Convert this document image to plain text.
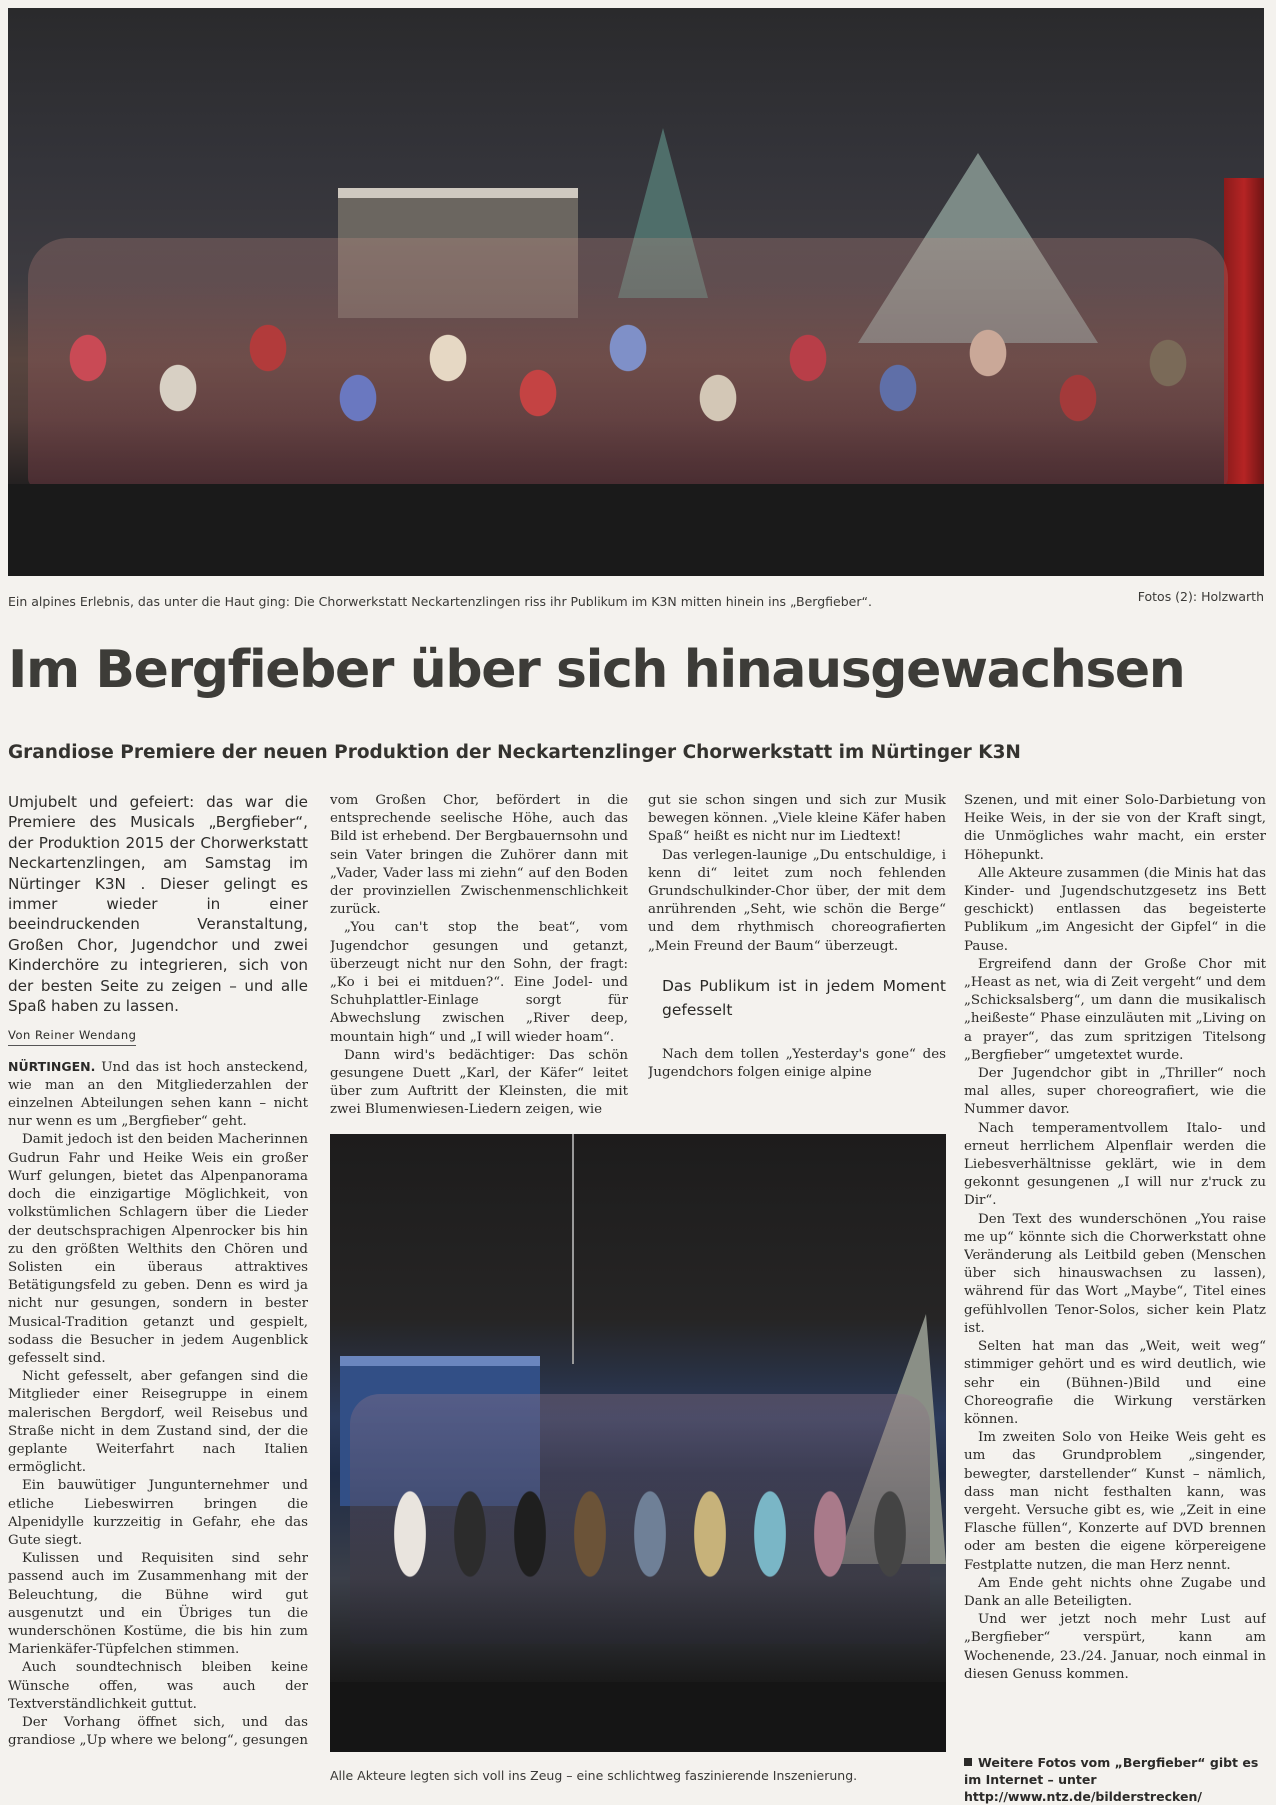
Ein alpines Erlebnis, das unter die Haut ging: Die Chorwerkstatt Neckartenzlingen riss ihr Publikum im K3N mitten hinein ins „Bergfieber“.	Fotos (2): Holzwarth
Im Bergfieber über sich hinausgewachsen
Grandiose Premiere der neuen Produktion der Neckartenzlinger Chorwerkstatt im Nürtinger K3N

Umjubelt und gefeiert: das war die Premiere des Musicals „Bergfieber“, der Produktion 2015 der Chorwerkstatt Neckartenzlingen, am Samstag im Nürtinger K3N . Dieser gelingt es immer wieder in einer beeindruckenden Veranstaltung, Großen Chor, Jugendchor und zwei Kinderchöre zu integrieren, sich von der besten Seite zu zeigen – und alle Spaß haben zu lassen.

Von Reiner Wendang

NÜRTINGEN. Und das ist hoch ansteckend, wie man an den Mitgliederzahlen der einzelnen Abteilungen sehen kann – nicht nur wenn es um „Bergfieber“ geht.

Damit jedoch ist den beiden Macherinnen Gudrun Fahr und Heike Weis ein großer Wurf gelungen, bietet das Alpenpanorama doch die einzigartige Möglichkeit, von volkstümlichen Schlagern über die Lieder der deutschsprachigen Alpenrocker bis hin zu den größten Welthits den Chören und Solisten ein überaus attraktives Betätigungsfeld zu geben. Denn es wird ja nicht nur gesungen, sondern in bester Musical-Tradition getanzt und gespielt, sodass die Besucher in jedem Augenblick gefesselt sind.

Nicht gefesselt, aber gefangen sind die Mitglieder einer Reisegruppe in einem malerischen Bergdorf, weil Reisebus und Straße nicht in dem Zustand sind, der die geplante Weiterfahrt nach Italien ermöglicht.

Ein bauwütiger Jungunternehmer und etliche Liebeswirren bringen die Alpenidylle kurzzeitig in Gefahr, ehe das Gute siegt.

Kulissen und Requisiten sind sehr passend auch im Zusammenhang mit der Beleuchtung, die Bühne wird gut ausgenutzt und ein Übriges tun die wunderschönen Kostüme, die bis hin zum Marienkäfer-Tüpfelchen stimmen.

Auch soundtechnisch bleiben keine Wünsche offen, was auch der Textverständlichkeit guttut.

Der Vorhang öffnet sich, und das grandiose „Up where we belong“, gesungen

vom Großen Chor, befördert in die entsprechende seelische Höhe, auch das Bild ist erhebend. Der Bergbauernsohn und sein Vater bringen die Zuhörer dann mit „Vader, Vader lass mi ziehn“ auf den Boden der provinziellen Zwischenmenschlichkeit zurück.

„You can't stop the beat“, vom Jugendchor gesungen und getanzt, überzeugt nicht nur den Sohn, der fragt: „Ko i bei ei mitduen?“. Eine Jodel- und Schuhplattler-Einlage sorgt für Abwechslung zwischen „River deep, mountain high“ und „I will wieder hoam“.

Dann wird's bedächtiger: Das schön gesungene Duett „Karl, der Käfer“ leitet über zum Auftritt der Kleinsten, die mit zwei Blumenwiesen-Liedern zeigen, wie

gut sie schon singen und sich zur Musik bewegen können. „Viele kleine Käfer haben Spaß“ heißt es nicht nur im Liedtext!

Das verlegen-launige „Du entschuldige, i kenn di“ leitet zum noch fehlenden Grundschulkinder-Chor über, der mit dem anrührenden „Seht, wie schön die Berge“ und dem rhythmisch choreografierten „Mein Freund der Baum“ überzeugt.

Das Publikum ist in jedem Moment gefesselt

Nach dem tollen „Yesterday's gone“ des Jugendchors folgen einige alpine

Szenen, und mit einer Solo-Darbietung von Heike Weis, in der sie von der Kraft singt, die Unmögliches wahr macht, ein erster Höhepunkt.

Alle Akteure zusammen (die Minis hat das Kinder- und Jugendschutzgesetz ins Bett geschickt) entlassen das begeisterte Publikum „im Angesicht der Gipfel“ in die Pause.

Ergreifend dann der Große Chor mit „Heast as net, wia di Zeit vergeht“ und dem „Schicksalsberg“, um dann die musikalisch „heißeste“ Phase einzuläuten mit „Living on a prayer“, das zum spritzigen Titelsong „Bergfieber“ umgetextet wurde.

Der Jugendchor gibt in „Thriller“ noch mal alles, super choreografiert, wie die Nummer davor.

Nach temperamentvollem Italo- und erneut herrlichem Alpenflair werden die Liebesverhältnisse geklärt, wie in dem gekonnt gesungenen „I will nur z'ruck zu Dir“.

Den Text des wunderschönen „You raise me up“ könnte sich die Chorwerkstatt ohne Veränderung als Leitbild geben (Menschen über sich hinauswachsen zu lassen), während für das Wort „Maybe“, Titel eines gefühlvollen Tenor-Solos, sicher kein Platz ist.

Selten hat man das „Weit, weit weg“ stimmiger gehört und es wird deutlich, wie sehr ein (Bühnen-)Bild und eine Choreografie die Wirkung verstärken können.

Im zweiten Solo von Heike Weis geht es um das Grundproblem „singender, bewegter, darstellender“ Kunst – nämlich, dass man nicht festhalten kann, was vergeht. Versuche gibt es, wie „Zeit in eine Flasche füllen“, Konzerte auf DVD brennen oder am besten die eigene körpereigene Festplatte nutzen, die man Herz nennt.

Am Ende geht nichts ohne Zugabe und Dank an alle Beteiligten.

Und wer jetzt noch mehr Lust auf „Bergfieber“ verspürt, kann am Wochenende, 23./24. Januar, noch einmal in diesen Genuss kommen.

Alle Akteure legten sich voll ins Zeug – eine schlichtweg faszinierende Inszenierung.
Weitere Fotos vom „Bergfieber“ gibt es im Internet – unter http://www.ntz.de/bilderstrecken/
